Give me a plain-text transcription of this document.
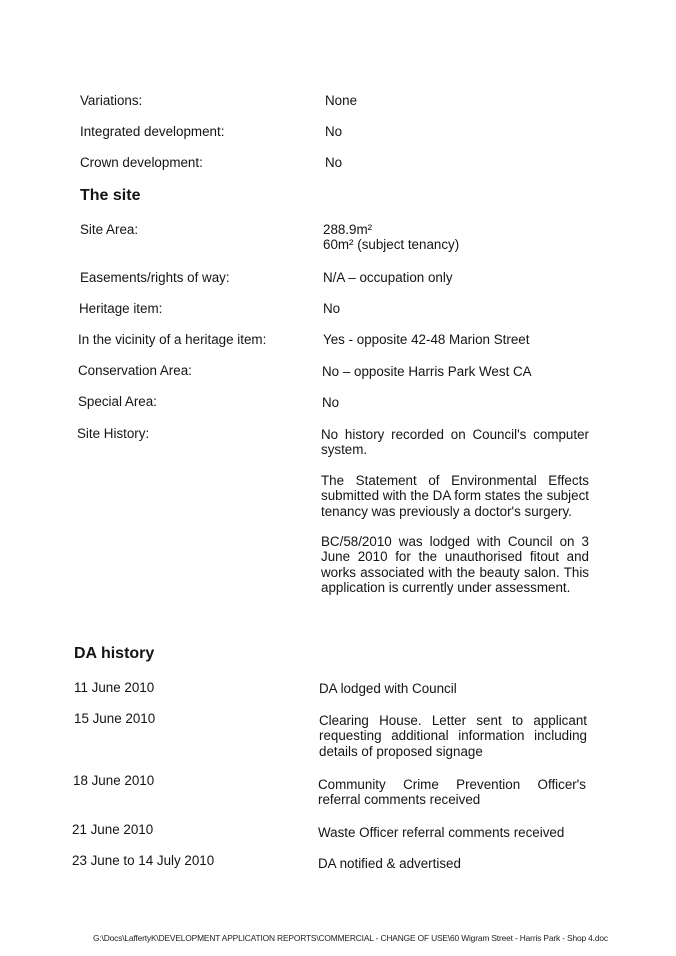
Variations:	None
Integrated development:	No
Crown development:	No
The site
Site Area:	288.9m²
60m² (subject tenancy)
Easements/rights of way:	N/A – occupation only
Heritage item:	No
In the vicinity of a heritage item:	Yes - opposite 42-48 Marion Street
Conservation Area:	No – opposite Harris Park West CA
Special Area:	No
Site History:	No history recorded on Council's computer system.

The Statement of Environmental Effects submitted with the DA form states the subject tenancy was previously a doctor's surgery.

BC/58/2010 was lodged with Council on 3 June 2010 for the unauthorised fitout and works associated with the beauty salon. This application is currently under assessment.

DA history
11 June 2010	DA lodged with Council

15 June 2010	Clearing House. Letter sent to applicant requesting additional information including details of proposed signage

18 June 2010	Community Crime Prevention Officer's referral comments received

21 June 2010	Waste Officer referral comments received
23 June to 14 July 2010	DA notified & advertised
G:\Docs\LaffertyK\DEVELOPMENT APPLICATION REPORTS\COMMERCIAL - CHANGE OF USE\60 Wigram Street - Harris Park - Shop 4.doc
